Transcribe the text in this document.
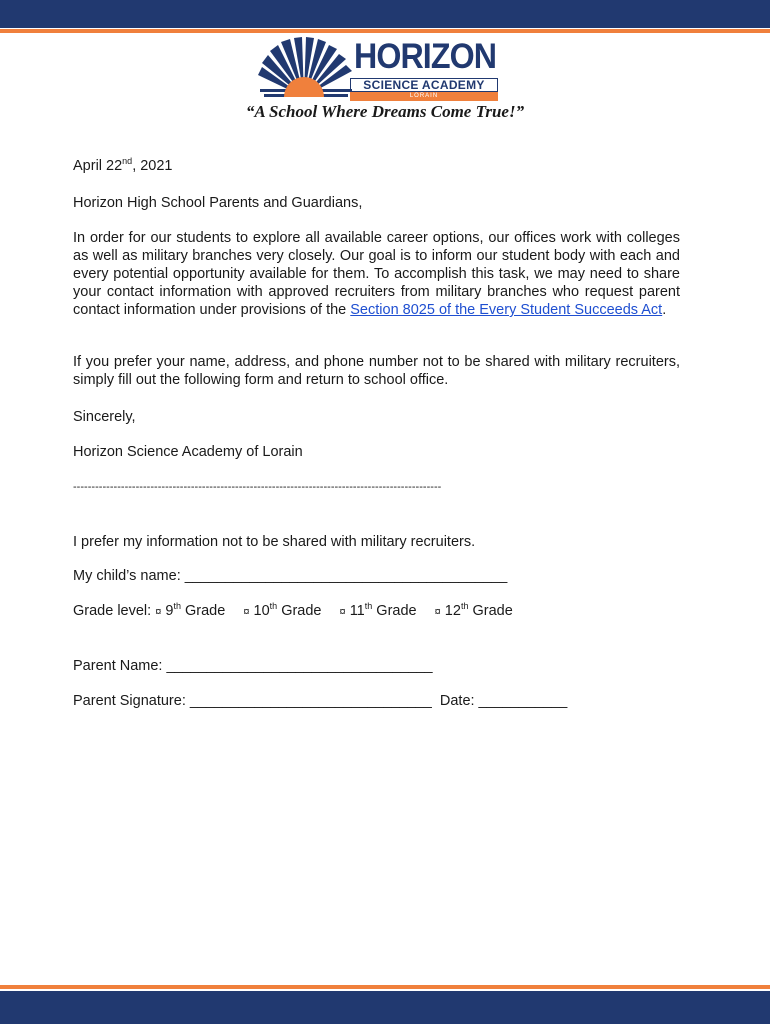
HORIZON
SCIENCE ACADEMY
LORAIN
“A School Where Dreams Come True!”
April 22nd, 2021
Horizon High School Parents and Guardians,

In order for our students to explore all available career options, our offices work with colleges as well as military branches very closely. Our goal is to inform our student body with each and every potential opportunity available for them. To accomplish this task, we may need to share your contact information with approved recruiters from military branches who request parent contact information under provisions of the Section 8025 of the Every Student Succeeds Act.

If you prefer your name, address, and phone number not to be shared with military recruiters, simply fill out the following form and return to school office.

Sincerely,
Horizon Science Academy of Lorain
----------------------------------------------------------------------------------------------------
I prefer my information not to be shared with military recruiters.
My child’s name: ________________________________________
Grade level: ¤ 9th Grade ¤ 10th Grade ¤ 11th Grade ¤ 12th Grade
Parent Name: _________________________________
Parent Signature: ______________________________ Date: ___________
